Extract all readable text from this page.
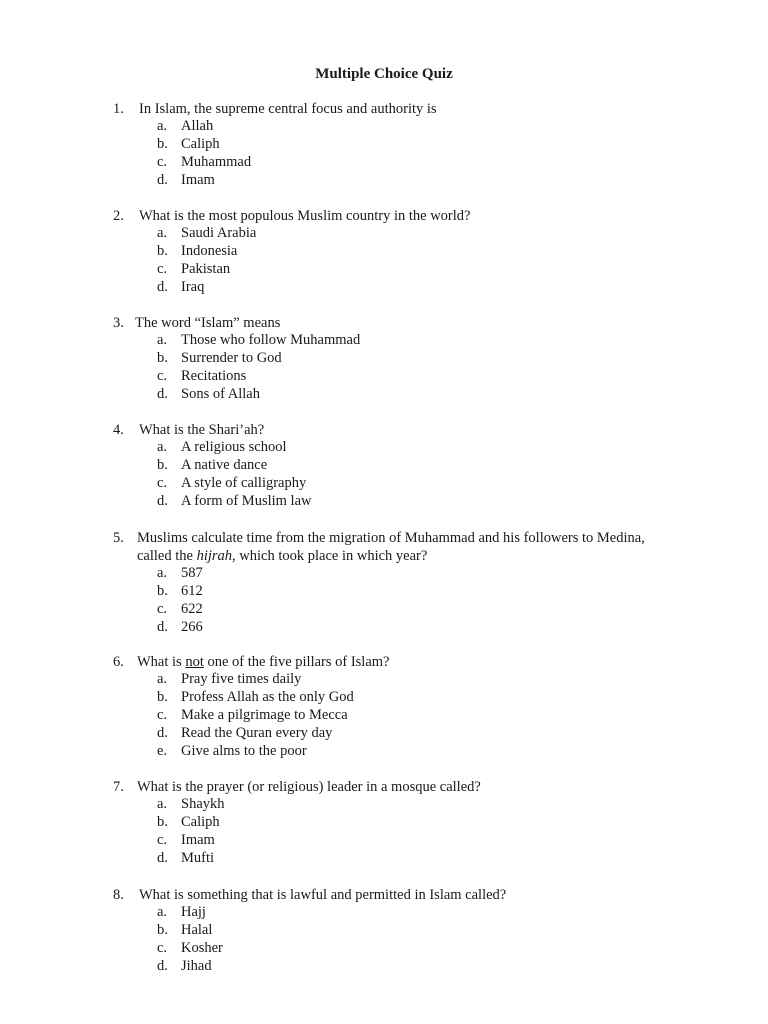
Multiple Choice Quiz
1. In Islam, the supreme central focus and authority is
a. Allah
b. Caliph
c. Muhammad
d. Imam
2. What is the most populous Muslim country in the world?
a. Saudi Arabia
b. Indonesia
c. Pakistan
d. Iraq
3. The word “Islam” means
a. Those who follow Muhammad
b. Surrender to God
c. Recitations
d. Sons of Allah
4. What is the Shari’ah?
a. A religious school
b. A native dance
c. A style of calligraphy
d. A form of Muslim law
5. Muslims calculate time from the migration of Muhammad and his followers to Medina,
called the hijrah, which took place in which year?
a. 587
b. 612
c. 622
d. 266
6. What is not one of the five pillars of Islam?
a. Pray five times daily
b. Profess Allah as the only God
c. Make a pilgrimage to Mecca
d. Read the Quran every day
e. Give alms to the poor
7. What is the prayer (or religious) leader in a mosque called?
a. Shaykh
b. Caliph
c. Imam
d. Mufti
8. What is something that is lawful and permitted in Islam called?
a. Hajj
b. Halal
c. Kosher
d. Jihad
